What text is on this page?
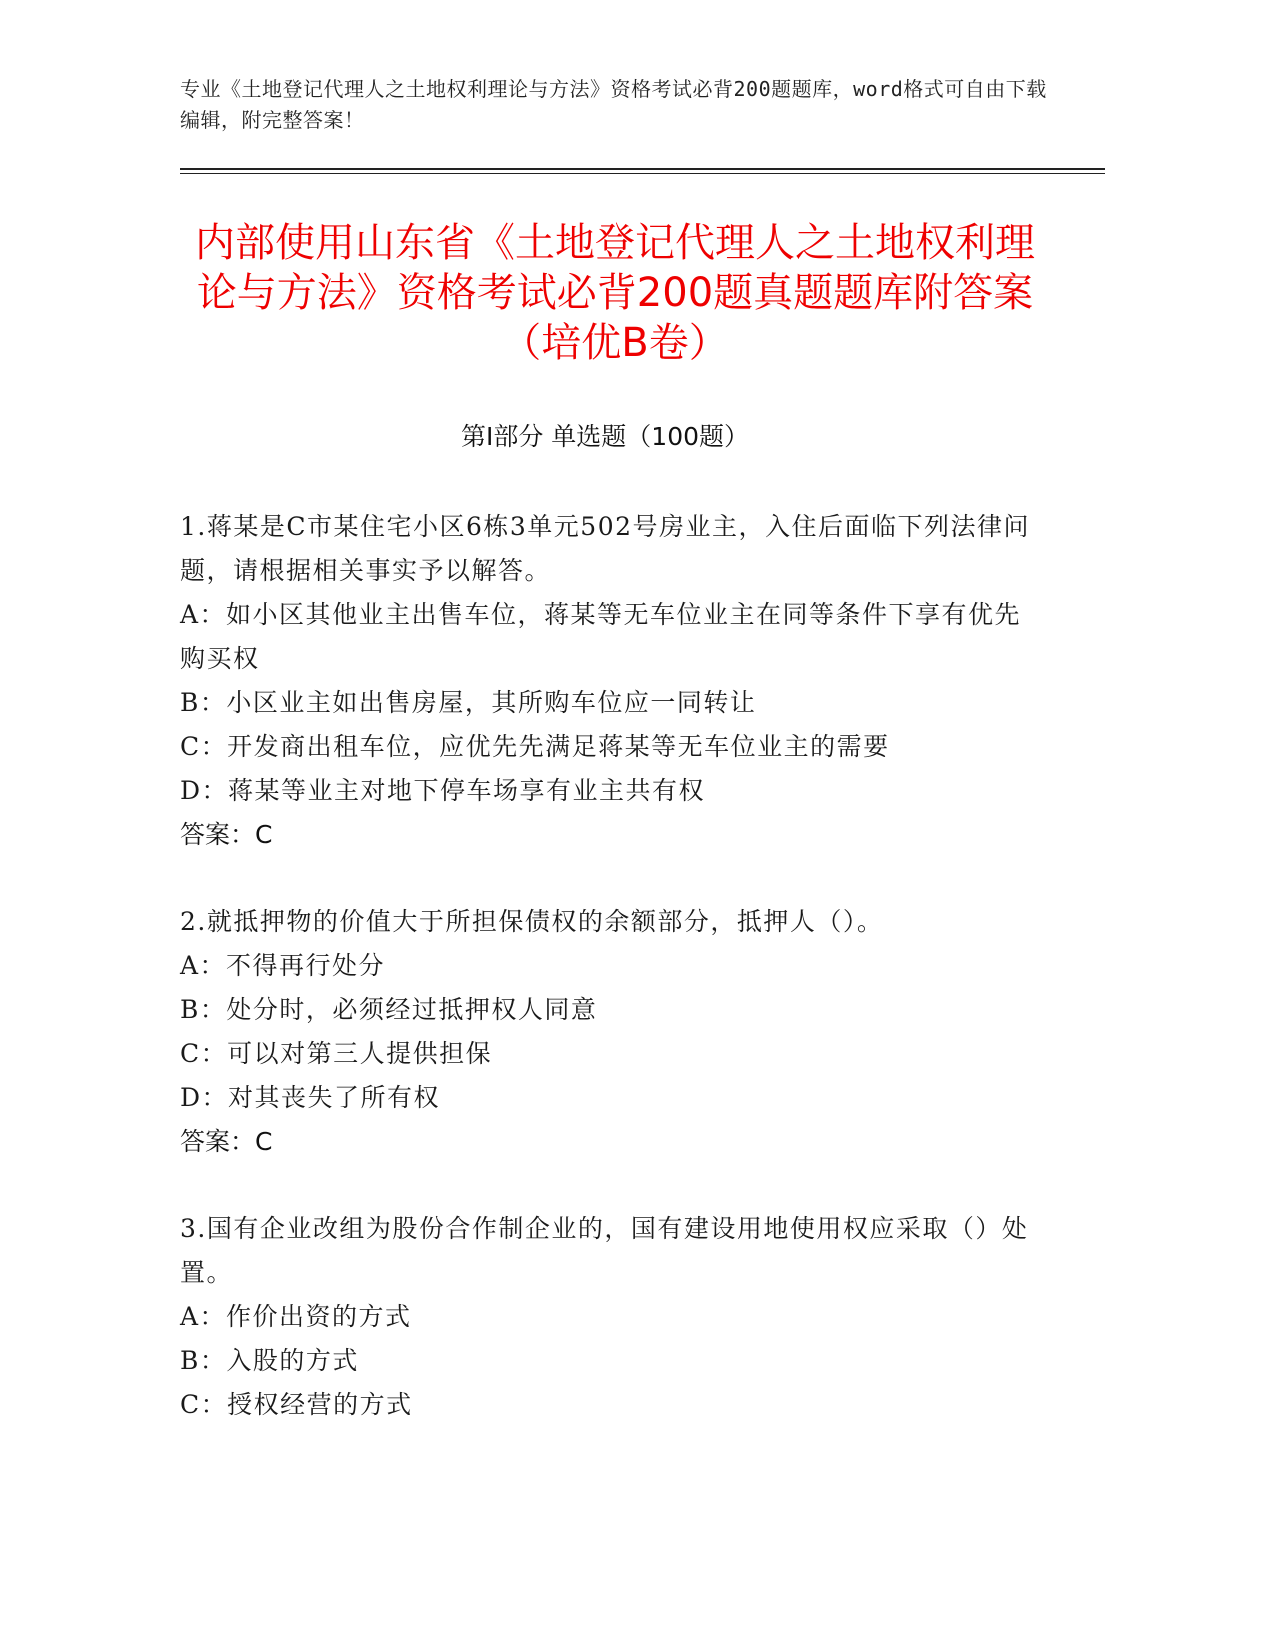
专业《土地登记代理人之土地权利理论与方法》资格考试必背200题题库，word格式可自由下载编辑，附完整答案！
内部使用山东省《土地登记代理人之土地权利理论与方法》资格考试必背200题真题题库附答案（培优B卷）
第Ⅰ部分 单选题（100题）
1.蒋某是C市某住宅小区6栋3单元502号房业主，入住后面临下列法律问题，请根据相关事实予以解答。
A：如小区其他业主出售车位，蒋某等无车位业主在同等条件下享有优先购买权
B：小区业主如出售房屋，其所购车位应一同转让
C：开发商出租车位，应优先先满足蒋某等无车位业主的需要
D：蒋某等业主对地下停车场享有业主共有权
答案：C
2.就抵押物的价值大于所担保债权的余额部分，抵押人（）。
A：不得再行处分
B：处分时，必须经过抵押权人同意
C：可以对第三人提供担保
D：对其丧失了所有权
答案：C
3.国有企业改组为股份合作制企业的，国有建设用地使用权应采取（）处置。
A：作价出资的方式
B：入股的方式
C：授权经营的方式
